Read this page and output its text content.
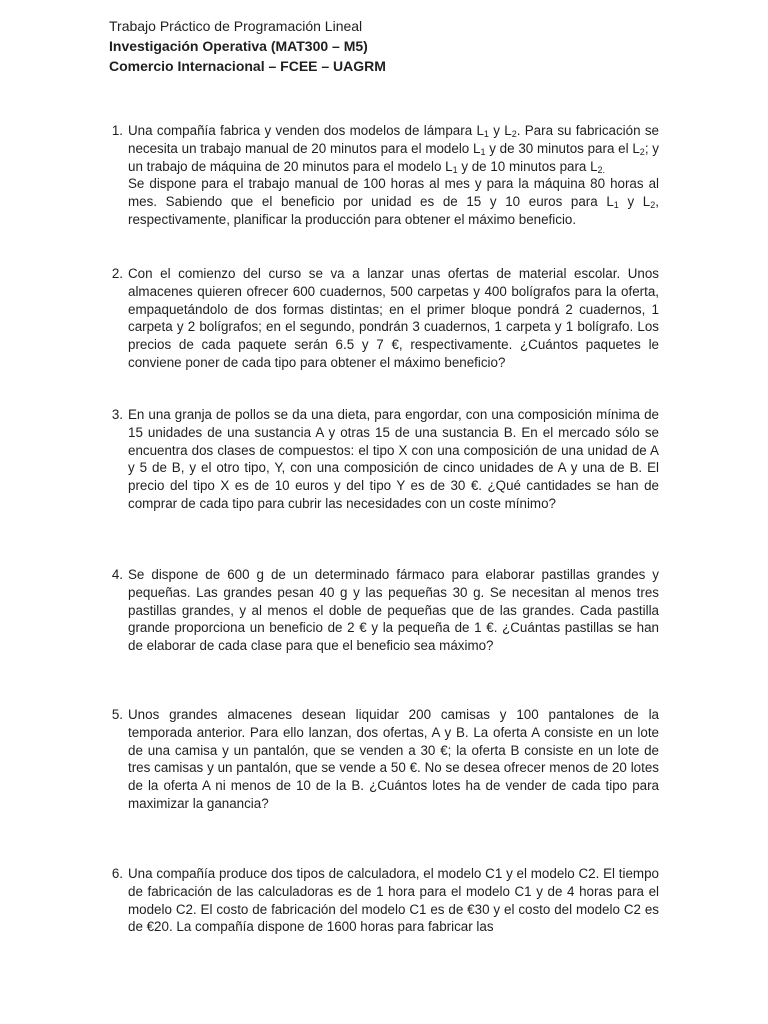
Trabajo Práctico de Programación Lineal
Investigación Operativa (MAT300 – M5)
Comercio Internacional – FCEE – UAGRM
1. Una compañía fabrica y venden dos modelos de lámpara $L_1$ y $L_2$. Para su fabricación se necesita un trabajo manual de 20 minutos para el modelo $L_1$ y de 30 minutos para el $L_2$; y un trabajo de máquina de 20 minutos para el modelo $L_1$ y de 10 minutos para $L_{2.}$

Se dispone para el trabajo manual de 100 horas al mes y para la máquina 80 horas al mes. Sabiendo que el beneficio por unidad es de 15 y 10 euros para $L_1$ y $L_2$, respectivamente, planificar la producción para obtener el máximo beneficio.

2. Con el comienzo del curso se va a lanzar unas ofertas de material escolar. Unos almacenes quieren ofrecer 600 cuadernos, 500 carpetas y 400 bolígrafos para la oferta, empaquetándolo de dos formas distintas; en el primer bloque pondrá 2 cuadernos, 1 carpeta y 2 bolígrafos; en el segundo, pondrán 3 cuadernos, 1 carpeta y 1 bolígrafo. Los precios de cada paquete serán 6.5 y 7 €, respectivamente. ¿Cuántos paquetes le conviene poner de cada tipo para obtener el máximo beneficio?

3. En una granja de pollos se da una dieta, para engordar, con una composición mínima de 15 unidades de una sustancia A y otras 15 de una sustancia B. En el mercado sólo se encuentra dos clases de compuestos: el tipo X con una composición de una unidad de A y 5 de B, y el otro tipo, Y, con una composición de cinco unidades de A y una de B. El precio del tipo X es de 10 euros y del tipo Y es de 30 €. ¿Qué cantidades se han de comprar de cada tipo para cubrir las necesidades con un coste mínimo?

4. Se dispone de 600 g de un determinado fármaco para elaborar pastillas grandes y pequeñas. Las grandes pesan 40 g y las pequeñas 30 g. Se necesitan al menos tres pastillas grandes, y al menos el doble de pequeñas que de las grandes. Cada pastilla grande proporciona un beneficio de 2 € y la pequeña de 1 €. ¿Cuántas pastillas se han de elaborar de cada clase para que el beneficio sea máximo?

5. Unos grandes almacenes desean liquidar 200 camisas y 100 pantalones de la temporada anterior. Para ello lanzan, dos ofertas, A y B. La oferta A consiste en un lote de una camisa y un pantalón, que se venden a 30 €; la oferta B consiste en un lote de tres camisas y un pantalón, que se vende a 50 €. No se desea ofrecer menos de 20 lotes de la oferta A ni menos de 10 de la B. ¿Cuántos lotes ha de vender de cada tipo para maximizar la ganancia?

6. Una compañía produce dos tipos de calculadora, el modelo C1 y el modelo C2. El tiempo de fabricación de las calculadoras es de 1 hora para el modelo C1 y de 4 horas para el modelo C2. El costo de fabricación del modelo C1 es de €30 y el costo del modelo C2 es de €20. La compañía dispone de 1600 horas para fabricar las
